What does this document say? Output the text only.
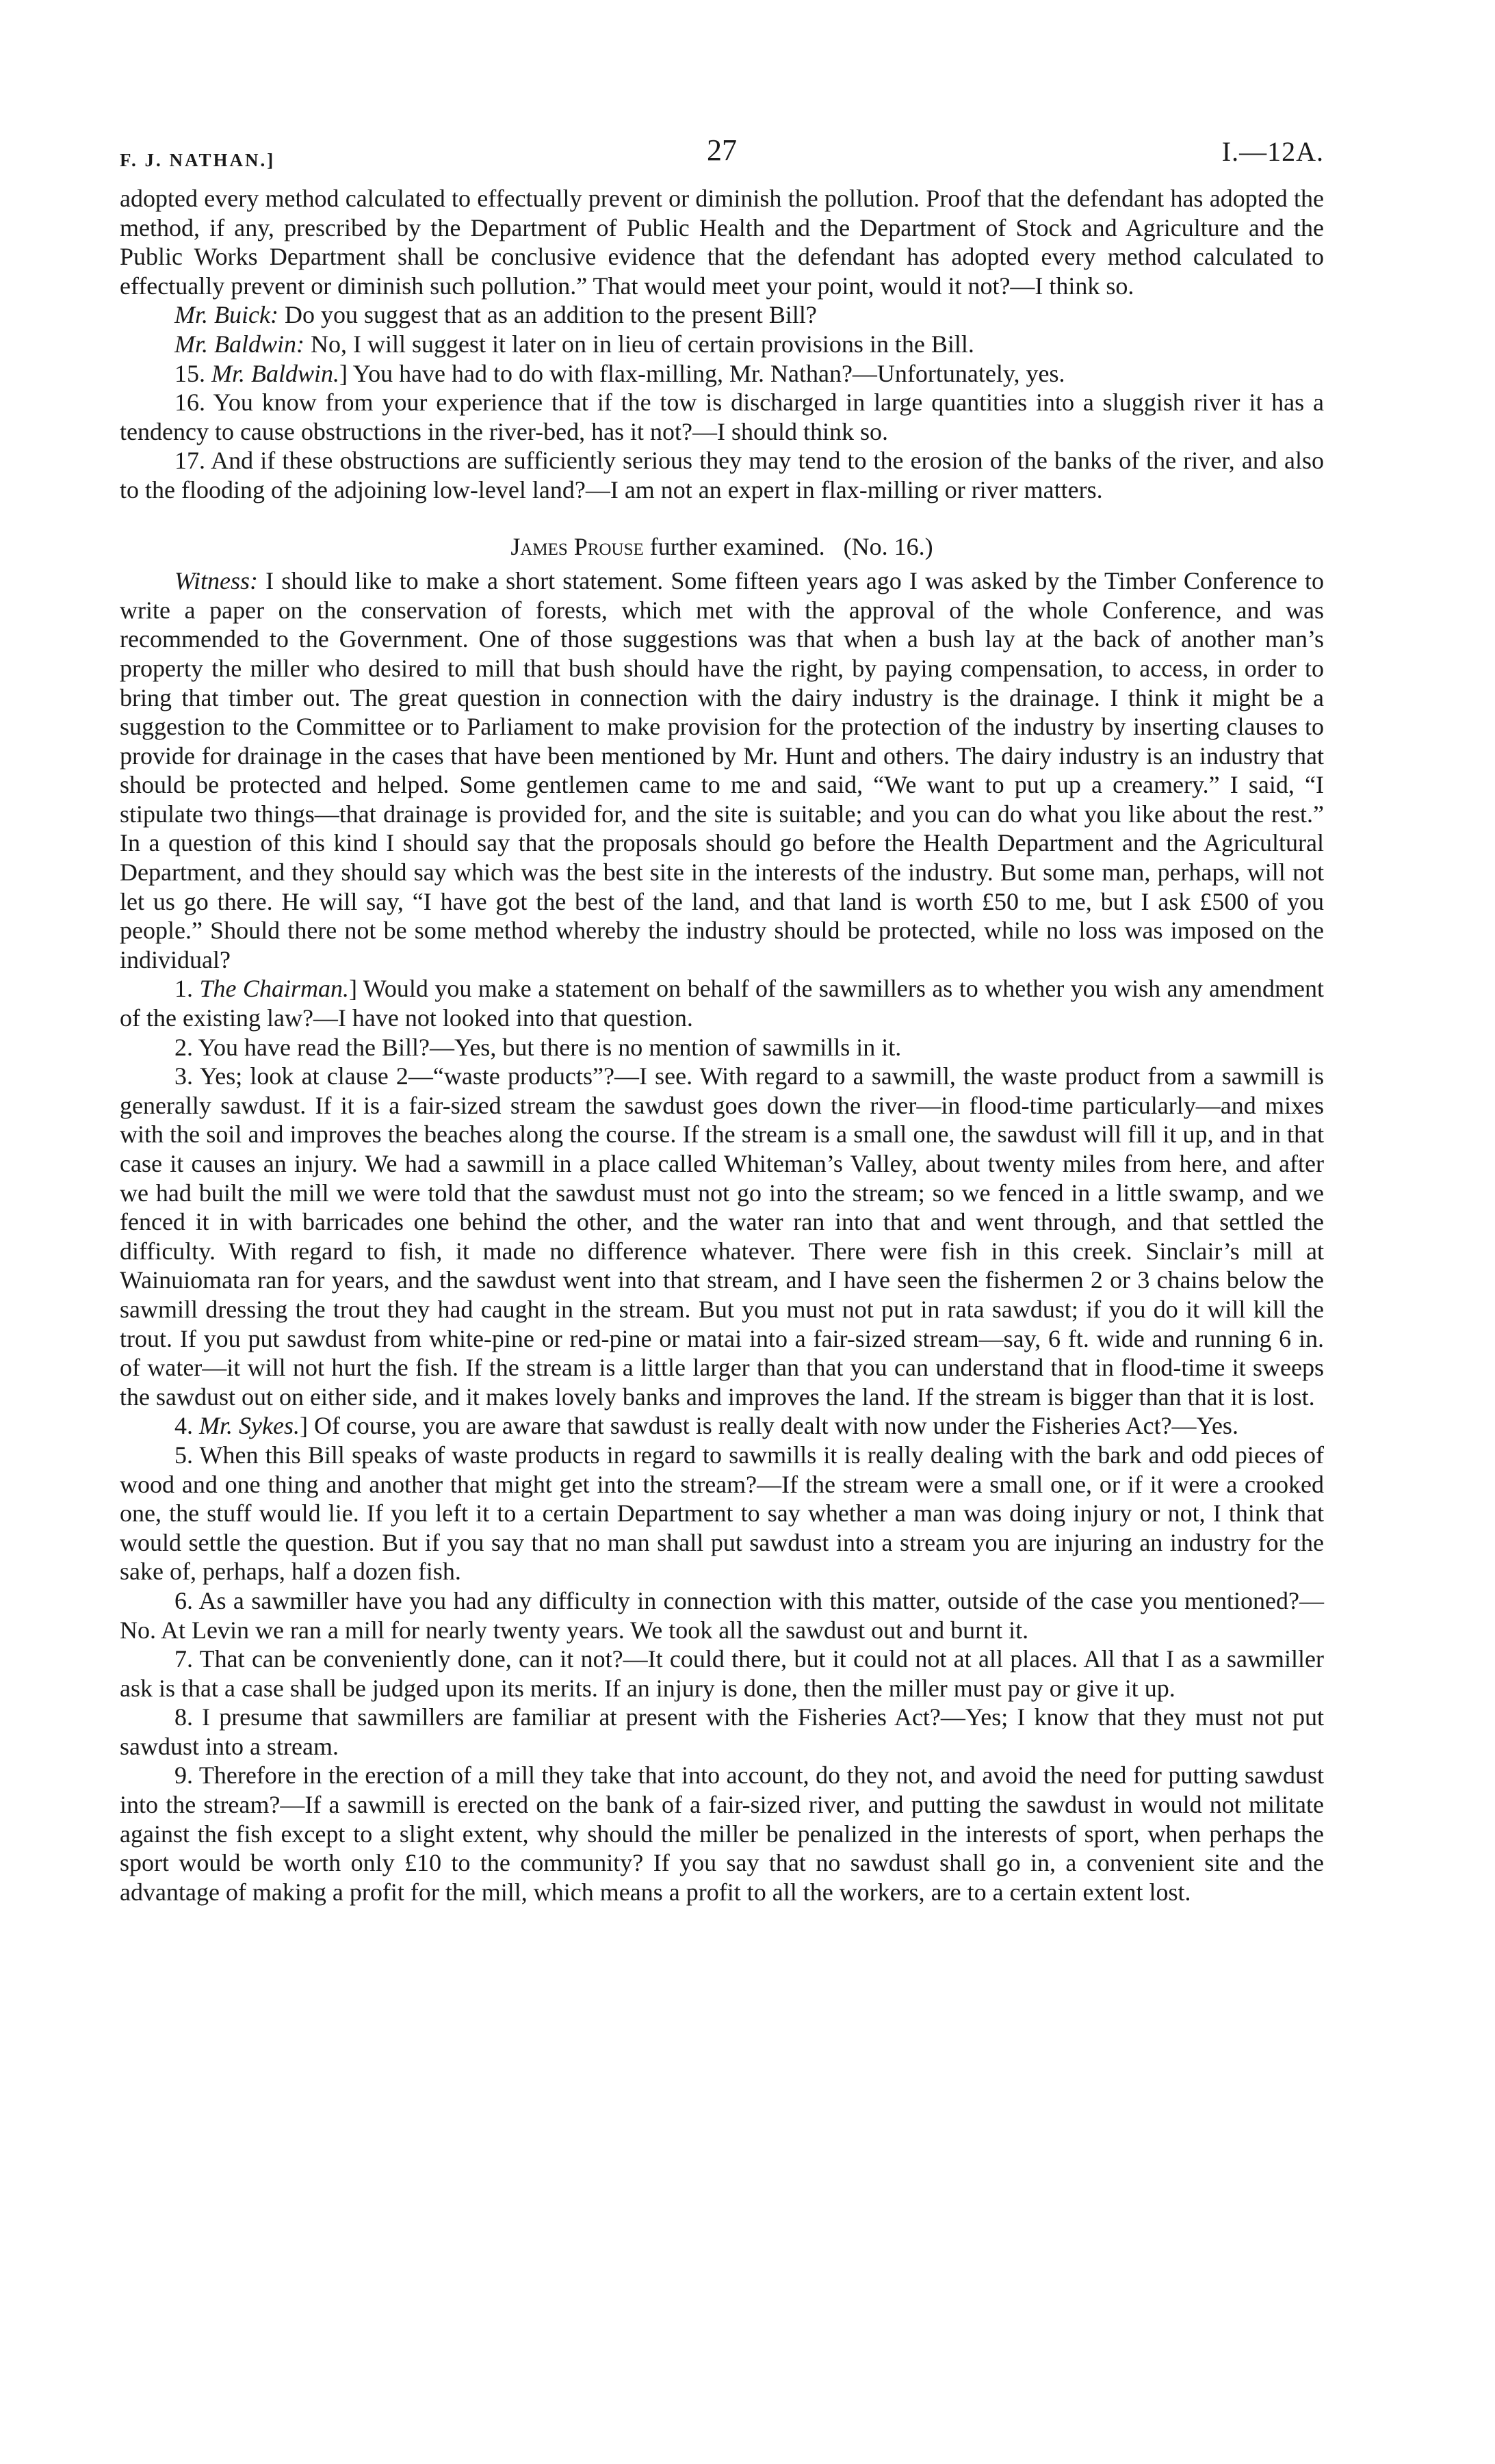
F. J. NATHAN.]	27	I.—12A.

adopted every method calculated to effectually prevent or diminish the pollution. Proof that the defendant has adopted the method, if any, prescribed by the Department of Public Health and the Department of Stock and Agriculture and the Public Works Department shall be conclusive evidence that the defendant has adopted every method calculated to effectually prevent or diminish such pollution.” That would meet your point, would it not?—I think so.

Mr. Buick: Do you suggest that as an addition to the present Bill?

Mr. Baldwin: No, I will suggest it later on in lieu of certain provisions in the Bill.

15. Mr. Baldwin.] You have had to do with flax-milling, Mr. Nathan?—Unfortunately, yes.

16. You know from your experience that if the tow is discharged in large quantities into a sluggish river it has a tendency to cause obstructions in the river-bed, has it not?—I should think so.

17. And if these obstructions are sufficiently serious they may tend to the erosion of the banks of the river, and also to the flooding of the adjoining low-level land?—I am not an expert in flax-milling or river matters.

James Prouse further examined.   (No. 16.)

Witness: I should like to make a short statement. Some fifteen years ago I was asked by the Timber Conference to write a paper on the conservation of forests, which met with the approval of the whole Conference, and was recommended to the Government. One of those suggestions was that when a bush lay at the back of another man’s property the miller who desired to mill that bush should have the right, by paying compensation, to access, in order to bring that timber out. The great question in connection with the dairy industry is the drainage. I think it might be a suggestion to the Committee or to Parliament to make provision for the protection of the industry by inserting clauses to provide for drainage in the cases that have been mentioned by Mr. Hunt and others. The dairy industry is an industry that should be protected and helped. Some gentlemen came to me and said, “We want to put up a creamery.” I said, “I stipulate two things—that drainage is provided for, and the site is suitable; and you can do what you like about the rest.” In a question of this kind I should say that the proposals should go before the Health Department and the Agricultural Department, and they should say which was the best site in the interests of the industry. But some man, perhaps, will not let us go there. He will say, “I have got the best of the land, and that land is worth £50 to me, but I ask £500 of you people.” Should there not be some method whereby the industry should be protected, while no loss was imposed on the individual?

1. The Chairman.] Would you make a statement on behalf of the sawmillers as to whether you wish any amendment of the existing law?—I have not looked into that question.

2. You have read the Bill?—Yes, but there is no mention of sawmills in it.

3. Yes; look at clause 2—“waste products”?—I see. With regard to a sawmill, the waste product from a sawmill is generally sawdust. If it is a fair-sized stream the sawdust goes down the river—in flood-time particularly—and mixes with the soil and improves the beaches along the course. If the stream is a small one, the sawdust will fill it up, and in that case it causes an injury. We had a sawmill in a place called Whiteman’s Valley, about twenty miles from here, and after we had built the mill we were told that the sawdust must not go into the stream; so we fenced in a little swamp, and we fenced it in with barricades one behind the other, and the water ran into that and went through, and that settled the difficulty. With regard to fish, it made no difference whatever. There were fish in this creek. Sinclair’s mill at Wainuiomata ran for years, and the sawdust went into that stream, and I have seen the fishermen 2 or 3 chains below the sawmill dressing the trout they had caught in the stream. But you must not put in rata sawdust; if you do it will kill the trout. If you put sawdust from white-pine or red-pine or matai into a fair-sized stream—say, 6 ft. wide and running 6 in. of water—it will not hurt the fish. If the stream is a little larger than that you can understand that in flood-time it sweeps the sawdust out on either side, and it makes lovely banks and improves the land. If the stream is bigger than that it is lost.

4. Mr. Sykes.] Of course, you are aware that sawdust is really dealt with now under the Fisheries Act?—Yes.

5. When this Bill speaks of waste products in regard to sawmills it is really dealing with the bark and odd pieces of wood and one thing and another that might get into the stream?—If the stream were a small one, or if it were a crooked one, the stuff would lie. If you left it to a certain Department to say whether a man was doing injury or not, I think that would settle the question. But if you say that no man shall put sawdust into a stream you are injuring an industry for the sake of, perhaps, half a dozen fish.

6. As a sawmiller have you had any difficulty in connection with this matter, outside of the case you mentioned?—No. At Levin we ran a mill for nearly twenty years. We took all the sawdust out and burnt it.

7. That can be conveniently done, can it not?—It could there, but it could not at all places. All that I as a sawmiller ask is that a case shall be judged upon its merits. If an injury is done, then the miller must pay or give it up.

8. I presume that sawmillers are familiar at present with the Fisheries Act?—Yes; I know that they must not put sawdust into a stream.

9. Therefore in the erection of a mill they take that into account, do they not, and avoid the need for putting sawdust into the stream?—If a sawmill is erected on the bank of a fair-sized river, and putting the sawdust in would not militate against the fish except to a slight extent, why should the miller be penalized in the interests of sport, when perhaps the sport would be worth only £10 to the community? If you say that no sawdust shall go in, a convenient site and the advantage of making a profit for the mill, which means a profit to all the workers, are to a certain extent lost.
